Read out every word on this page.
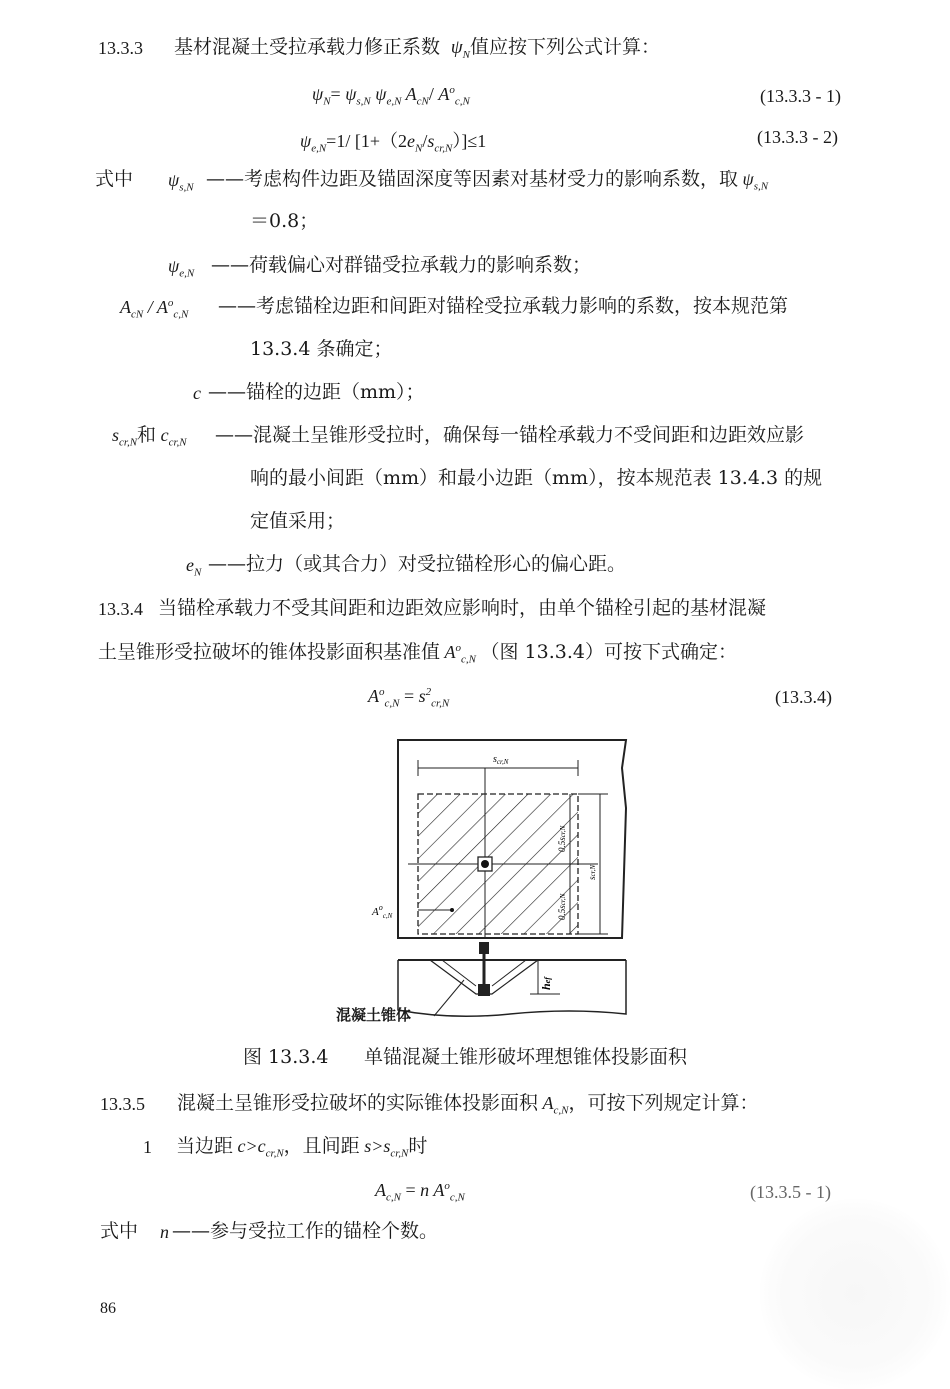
13.3.3 基材混凝土受拉承载力修正系数  $\psi_N$值应按下列公式计算：
$\psi_N= \psi_{s,N}$ $\psi_{e,N}$ $A_{cN}/$ $A^o_{c,N}$	(13.3.3 - 1)
$\psi_{e,N}=1/$ $[1+(2e_N/s_{cr,N})]\le 1$	(13.3.3 - 2)
式中 $\psi_{s,N}$ ——考虑构件边距及锚固深度等因素对基材受力的影响系数，取 $\psi_{s,N}$
＝0.8；
$\psi_{e,N}$ ——荷载偏心对群锚受拉承载力的影响系数；
$A_{cN} / A^o_{c,N}$ ——考虑锚栓边距和间距对锚栓受拉承载力影响的系数，按本规范第
13.3.4 条确定；
c ——锚栓的边距（mm）；
$s_{cr,N}$和 $c_{cr,N}$ ——混凝土呈锥形受拉时，确保每一锚栓承载力不受间距和边距效应影
响的最小间距（mm）和最小边距（mm），按本规范表 13.4.3 的规
定值采用；
$e_N$ ——拉力（或其合力）对受拉锚栓形心的偏心距。
13.3.4 当锚栓承载力不受其间距和边距效应影响时，由单个锚栓引起的基材混凝
土呈锥形受拉破坏的锥体投影面积基准值 $A^o_{c,N}$ （图 13.3.4）可按下式确定：
$A^o_{c,N} = s^2_{cr,N}$	(13.3.4)
$s_{cr,N}$
0.5scr,N
0.5scr,N
scr,N
$A^o_{c,N}$
hef
混凝土锥体
图 13.3.4 单锚混凝土锥形破坏理想锥体投影面积
13.3.5 混凝土呈锥形受拉破坏的实际锥体投影面积 $A_{c,N}$，可按下列规定计算：
1 当边距 $c>c_{cr,N}$，且间距 $s>s_{cr,N}$时
$A_{c,N} = n$ $A^o_{c,N}$	(13.3.5 - 1)
式中 n ——参与受拉工作的锚栓个数。
86
